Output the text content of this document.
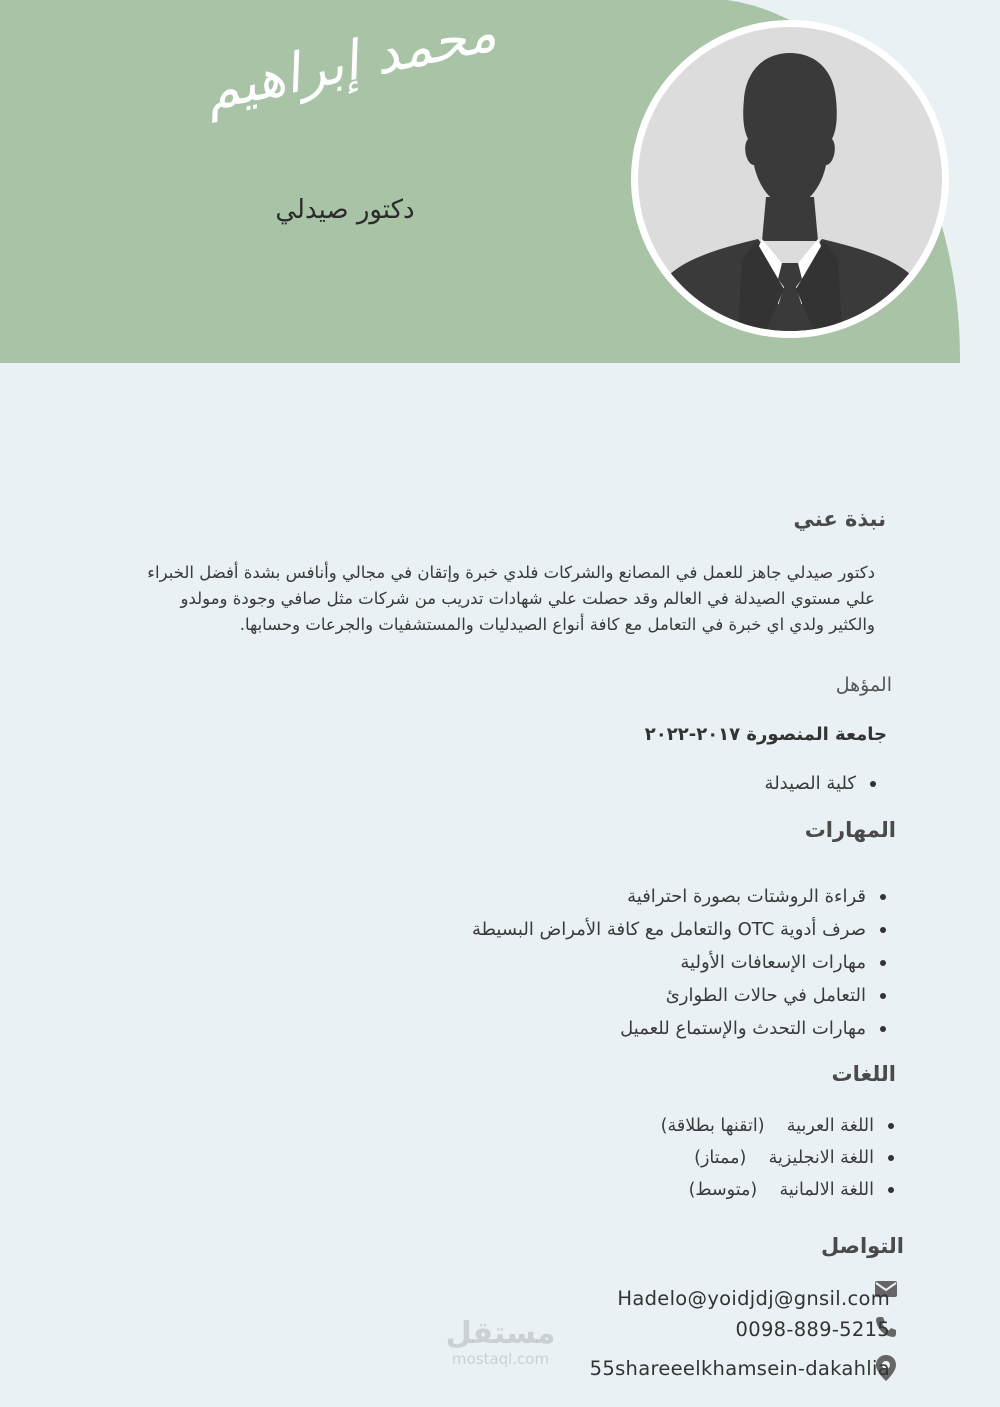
محمد إبراهيم
دكتور صيدلي
نبذة عني
دكتور صيدلي جاهز للعمل في المصانع والشركات فلدي خبرة وإتقان في مجالي وأنافس بشدة أفضل الخبراء
علي مستوي الصيدلة في العالم وقد حصلت علي شهادات تدريب من شركات مثل صافي وجودة ومولدو
والكثير ولدي اي خبرة في التعامل مع كافة أنواع الصيدليات والمستشفيات والجرعات وحسابها.
المؤهل
جامعة المنصورة ٢٠١٧-٢٠٢٢
كلية الصيدلة
المهارات
قراءة الروشتات بصورة احترافية
صرف أدوية OTC والتعامل مع كافة الأمراض البسيطة
مهارات الإسعافات الأولية
التعامل في حالات الطوارئ
مهارات التحدث والإستماع للعميل
اللغات
اللغة العربية    (اتقنها بطلاقة)
اللغة الانجليزية    (ممتاز)
اللغة الالمانية    (متوسط)
التواصل
Hadelo@yoidjdj@gnsil.com
0098-889-5215
55shareeelkhamsein-dakahlia
مستقل
mostaql.com
